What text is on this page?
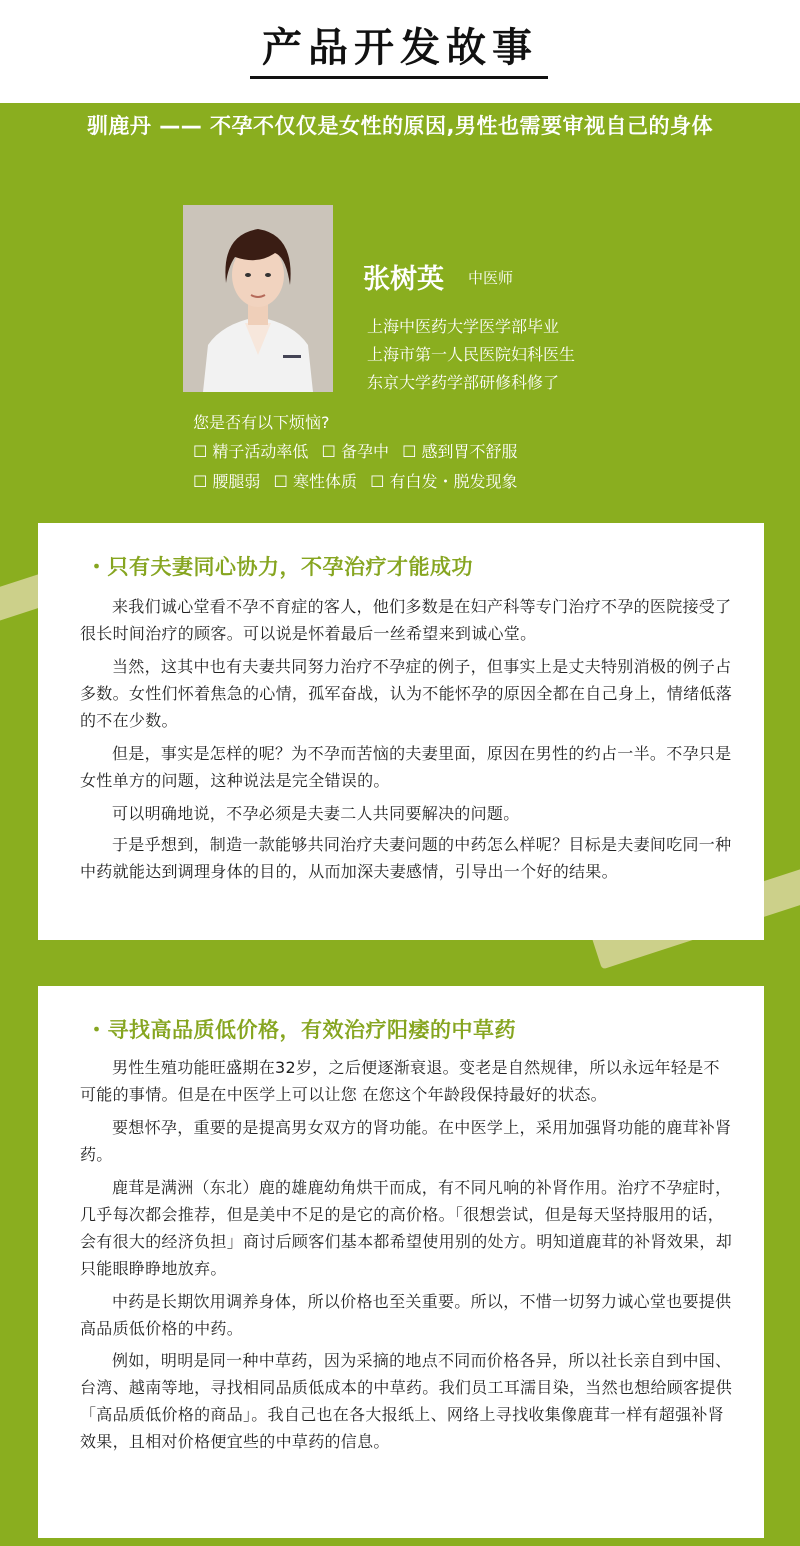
产品开发故事
驯鹿丹 —— 不孕不仅仅是女性的原因,男性也需要审视自己的身体
张树英 中医师
上海中医药大学医学部毕业
上海市第一人民医院妇科医生
东京大学药学部研修科修了
您是否有以下烦恼?
☐ 精子活动率低 ☐ 备孕中 ☐ 感到胃不舒服
☐ 腰腿弱 ☐ 寒性体质 ☐ 有白发・脱发现象
・只有夫妻同心协力，不孕治疗才能成功
来我们诚心堂看不孕不育症的客人，他们多数是在妇产科等专门治疗不孕的医院接受了很长时间治疗的顾客。可以说是怀着最后一丝希望来到诚心堂。
当然，这其中也有夫妻共同努力治疗不孕症的例子，但事实上是丈夫特别消极的例子占多数。女性们怀着焦急的心情，孤军奋战，认为不能怀孕的原因全都在自己身上，情绪低落的不在少数。
但是，事实是怎样的呢？为不孕而苦恼的夫妻里面，原因在男性的约占一半。不孕只是女性单方的问题，这种说法是完全错误的。
可以明确地说，不孕必须是夫妻二人共同要解决的问题。
于是乎想到，制造一款能够共同治疗夫妻问题的中药怎么样呢？目标是夫妻间吃同一种中药就能达到调理身体的目的，从而加深夫妻感情，引导出一个好的结果。
・寻找高品质低价格，有效治疗阳痿的中草药
男性生殖功能旺盛期在32岁，之后便逐渐衰退。变老是自然规律，所以永远年轻是不可能的事情。但是在中医学上可以让您 在您这个年龄段保持最好的状态。
要想怀孕，重要的是提高男女双方的肾功能。在中医学上，采用加强肾功能的鹿茸补肾药。
鹿茸是满洲（东北）鹿的雄鹿幼角烘干而成，有不同凡响的补肾作用。治疗不孕症时，几乎每次都会推荐，但是美中不足的是它的高价格。「很想尝试，但是每天坚持服用的话，会有很大的经济负担」商讨后顾客们基本都希望使用别的处方。明知道鹿茸的补肾效果，却只能眼睁睁地放弃。
中药是长期饮用调养身体，所以价格也至关重要。所以，不惜一切努力诚心堂也要提供高品质低价格的中药。
例如，明明是同一种中草药，因为采摘的地点不同而价格各异，所以社长亲自到中国、台湾、越南等地，寻找相同品质低成本的中草药。我们员工耳濡目染，当然也想给顾客提供「高品质低价格的商品」。我自己也在各大报纸上、网络上寻找收集像鹿茸一样有超强补肾效果，且相对价格便宜些的中草药的信息。
